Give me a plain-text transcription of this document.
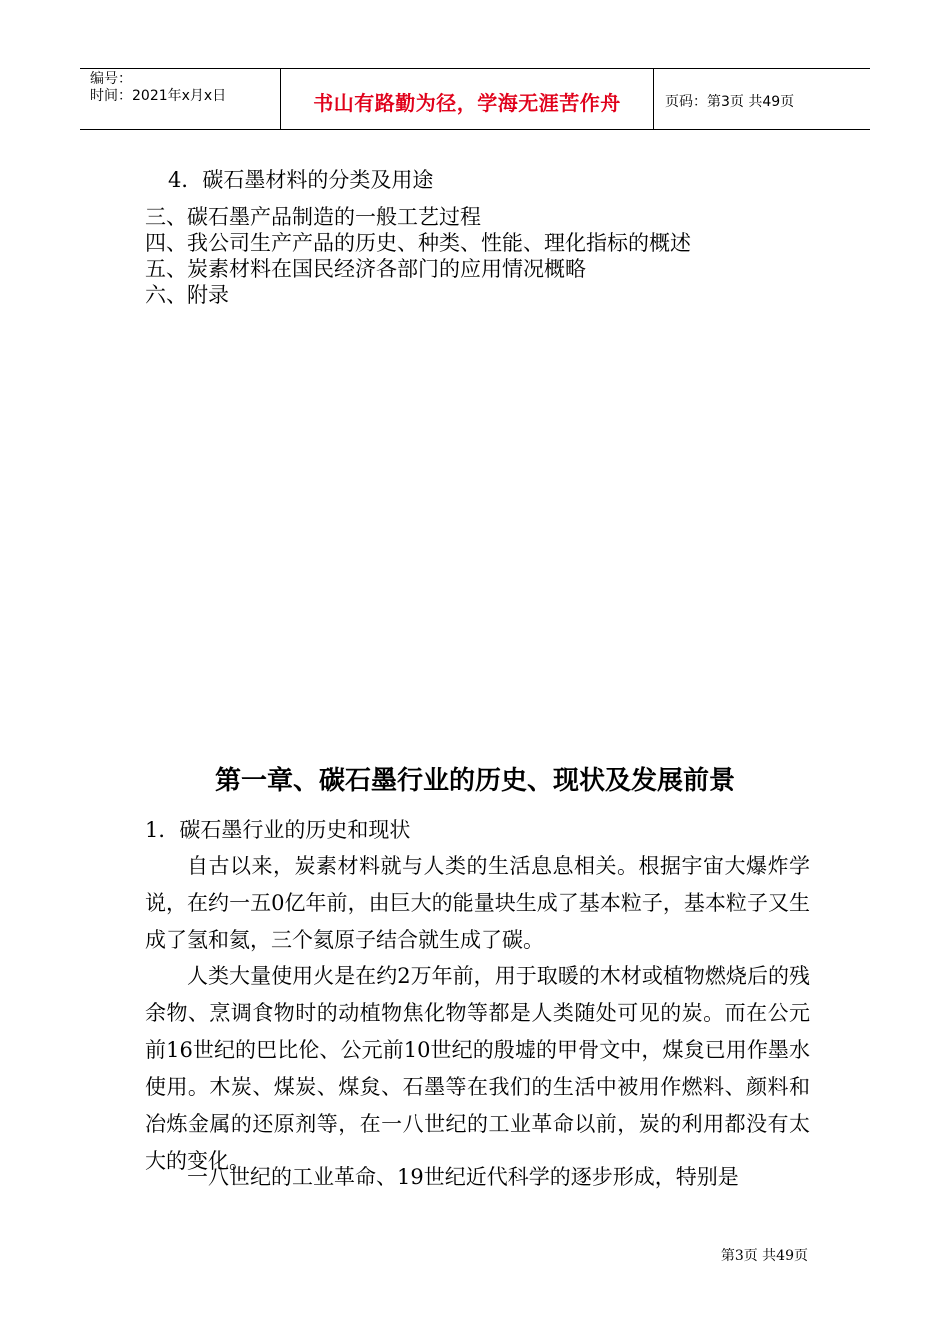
编号：
时间：2021年x月x日	书山有路勤为径，学海无涯苦作舟	页码：第3页 共49页
4．碳石墨材料的分类及用途
三、碳石墨产品制造的一般工艺过程
四、我公司生产产品的历史、种类、性能、理化指标的概述
五、炭素材料在国民经济各部门的应用情况概略
六、附录
第一章、碳石墨行业的历史、现状及发展前景
1．碳石墨行业的历史和现状

自古以来，炭素材料就与人类的生活息息相关。根据宇宙大爆炸学说，在约一五0亿年前，由巨大的能量块生成了基本粒子，基本粒子又生成了氢和氦，三个氦原子结合就生成了碳。

人类大量使用火是在约2万年前，用于取暖的木材或植物燃烧后的残余物、烹调食物时的动植物焦化物等都是人类随处可见的炭。而在公元前16世纪的巴比伦、公元前10世纪的殷墟的甲骨文中，煤炱已用作墨水使用。木炭、煤炭、煤炱、石墨等在我们的生活中被用作燃料、颜料和冶炼金属的还原剂等，在一八世纪的工业革命以前，炭的利用都没有太大的变化。

一八世纪的工业革命、19世纪近代科学的逐步形成，特别是

第3页 共49页
